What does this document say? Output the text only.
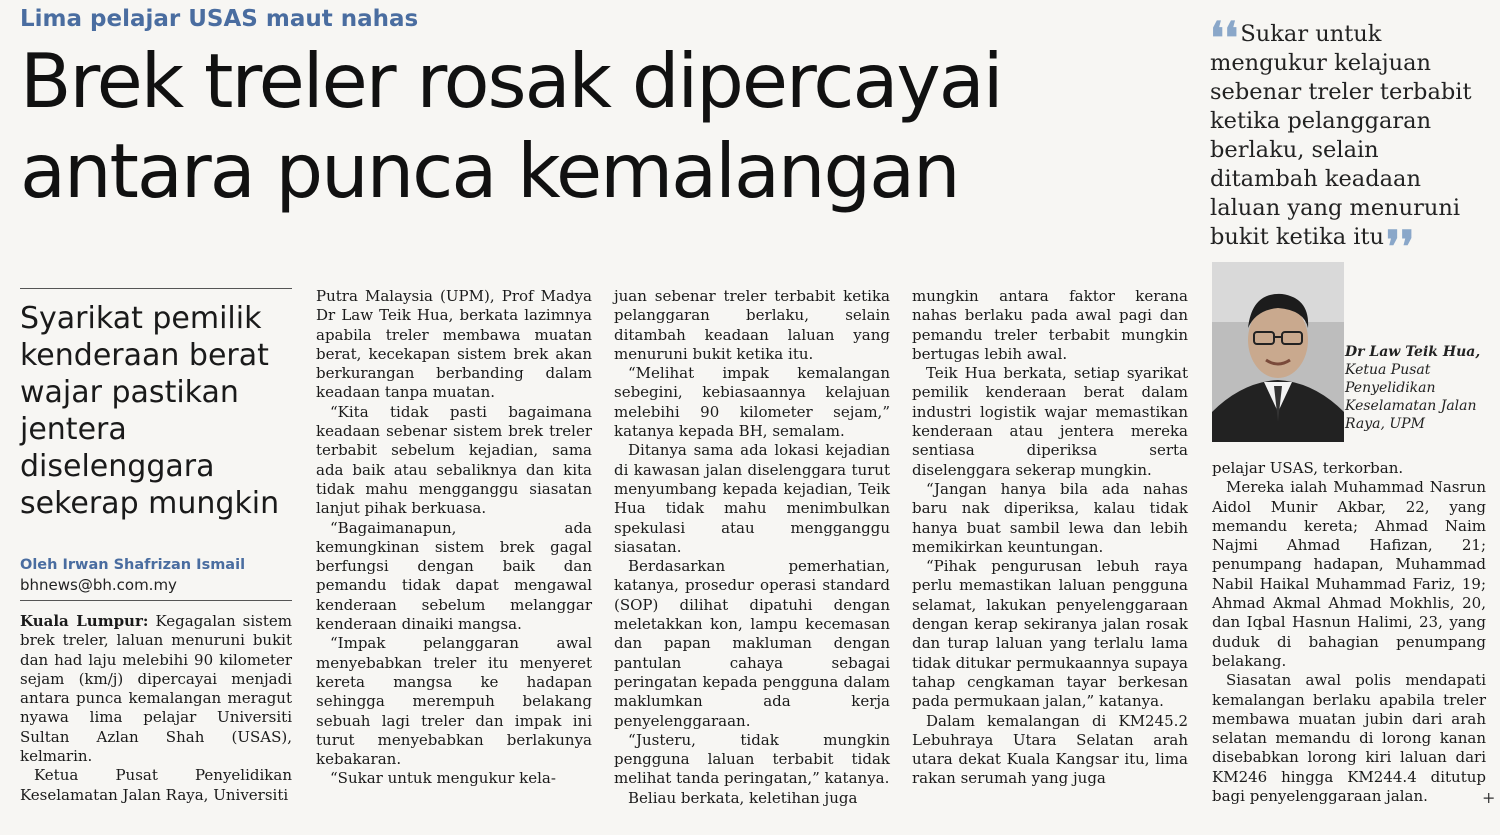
Lima pelajar USAS maut nahas
Brek treler rosak dipercayai
antara punca kemalangan
❛❛Sukar untuk mengukur kelajuan sebenar treler terbabit ketika pelanggaran berlaku, selain ditambah keadaan laluan yang menuruni bukit ketika itu❜❜
Dr Law Teik Hua,
Ketua Pusat Penyelidikan Keselamatan Jalan Raya, UPM
Syarikat pemilik kenderaan berat wajar pastikan jentera diselenggara sekerap mungkin
Oleh Irwan Shafrizan Ismail
bhnews@bh.com.my

Kuala Lumpur: Kegagalan sistem brek treler, laluan menuruni bukit dan had laju melebihi 90 kilometer sejam (km/j) dipercayai menjadi antara punca kemalangan meragut nyawa lima pelajar Universiti Sultan Azlan Shah (USAS), kelmarin.

Ketua Pusat Penyelidikan Keselamatan Jalan Raya, Universiti

Putra Malaysia (UPM), Prof Madya Dr Law Teik Hua, berkata lazimnya apabila treler membawa muatan berat, kecekapan sistem brek akan berkurangan berbanding dalam keadaan tanpa muatan.

“Kita tidak pasti bagaimana keadaan sebenar sistem brek treler terbabit sebelum kejadian, sama ada baik atau sebaliknya dan kita tidak mahu mengganggu siasatan lanjut pihak berkuasa.

“Bagaimanapun, ada kemungkinan sistem brek gagal berfungsi dengan baik dan pemandu tidak dapat mengawal kenderaan sebelum melanggar kenderaan dinaiki mangsa.

“Impak pelanggaran awal menyebabkan treler itu menyeret kereta mangsa ke hadapan sehingga merempuh belakang sebuah lagi treler dan impak ini turut menyebabkan berlakunya kebakaran.

“Sukar untuk mengukur kela-

juan sebenar treler terbabit ketika pelanggaran berlaku, selain ditambah keadaan laluan yang menuruni bukit ketika itu.

“Melihat impak kemalangan sebegini, kebiasaannya kelajuan melebihi 90 kilometer sejam,” katanya kepada BH, semalam.

Ditanya sama ada lokasi kejadian di kawasan jalan diselenggara turut menyumbang kepada kejadian, Teik Hua tidak mahu menimbulkan spekulasi atau mengganggu siasatan.

Berdasarkan pemerhatian, katanya, prosedur operasi standard (SOP) dilihat dipatuhi dengan meletakkan kon, lampu kecemasan dan papan makluman dengan pantulan cahaya sebagai peringatan kepada pengguna dalam maklumkan ada kerja penyelenggaraan.

“Justeru, tidak mungkin pengguna laluan terbabit tidak melihat tanda peringatan,” katanya.

Beliau berkata, keletihan juga

mungkin antara faktor kerana nahas berlaku pada awal pagi dan pemandu treler terbabit mungkin bertugas lebih awal.

Teik Hua berkata, setiap syarikat pemilik kenderaan berat dalam industri logistik wajar memastikan kenderaan atau jentera mereka sentiasa diperiksa serta diselenggara sekerap mungkin.

“Jangan hanya bila ada nahas baru nak diperiksa, kalau tidak hanya buat sambil lewa dan lebih memikirkan keuntungan.

“Pihak pengurusan lebuh raya perlu memastikan laluan pengguna selamat, lakukan penyelenggaraan dengan kerap sekiranya jalan rosak dan turap laluan yang terlalu lama tidak ditukar permukaannya supaya tahap cengkaman tayar berkesan pada permukaan jalan,” katanya.

Dalam kemalangan di KM245.2 Lebuhraya Utara Selatan arah utara dekat Kuala Kangsar itu, lima rakan serumah yang juga

pelajar USAS, terkorban.

Mereka ialah Muhammad Nasrun Aidol Munir Akbar, 22, yang memandu kereta; Ahmad Naim Najmi Ahmad Hafizan, 21; penumpang hadapan, Muhammad Nabil Haikal Muhammad Fariz, 19; Ahmad Akmal Ahmad Mokhlis, 20, dan Iqbal Hasnun Halimi, 23, yang duduk di bahagian penumpang belakang.

Siasatan awal polis mendapati kemalangan berlaku apabila treler membawa muatan jubin dari arah selatan memandu di lorong kanan disebabkan lorong kiri laluan dari KM246 hingga KM244.4 ditutup bagi penyelenggaraan jalan.	+
